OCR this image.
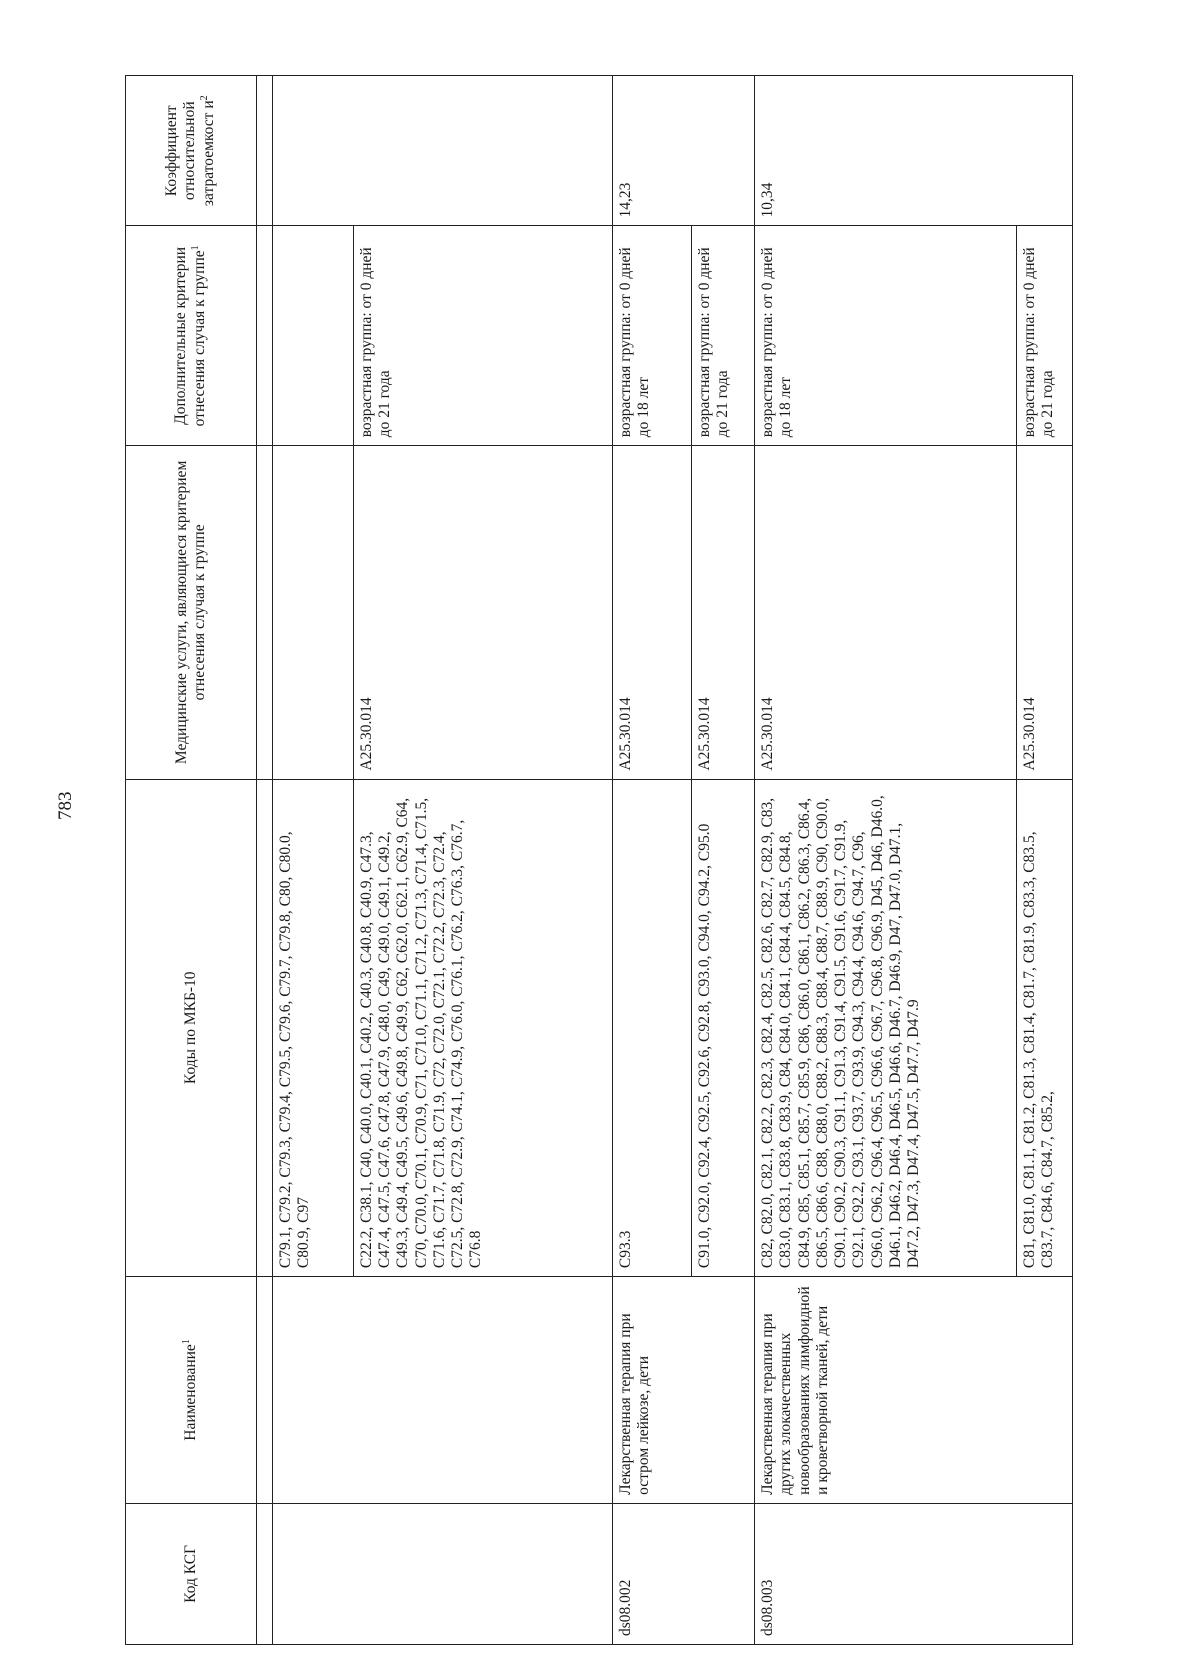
783
Код КСГ	Наименование$^1$	Коды по МКБ-10	Медицинские услуги, являющиеся критерием отнесения случая к группе	Дополнительные критерии отнесения случая к группе$^1$	Коэффициент относительной затратоемкост $и^2$

		C79.1, C79.2, C79.3, C79.4, C79.5, C79.6, C79.7, C79.8, C80, C80.0, C80.9, C97			
		C22.2, C38.1, C40, C40.0, C40.1, C40.2, C40.3, C40.8, C40.9, C47.3, C47.4, C47.5, C47.6, C47.8, C47.9, C48.0, C49, C49.0, C49.1, C49.2, C49.3, C49.4, C49.5, C49.6, C49.8, C49.9, C62, C62.0, C62.1, C62.9, C64, C70, C70.0, C70.1, C70.9, C71, C71.0, C71.1, C71.2, C71.3, C71.4, C71.5, C71.6, C71.7, C71.8, C71.9, C72, C72.0, C72.1, C72.2, C72.3, C72.4, C72.5, C72.8, C72.9, C74.1, C74.9, C76.0, C76.1, C76.2, C76.3, C76.7, C76.8	A25.30.014	возрастная группа: от 0 дней до 21 года	
ds08.002	Лекарственная терапия при остром лейкозе, дети	C93.3	A25.30.014	возрастная группа: от 0 дней до 18 лет	14,23
		C91.0, C92.0, C92.4, C92.5, C92.6, C92.8, C93.0, C94.0, C94.2, C95.0	A25.30.014	возрастная группа: от 0 дней до 21 года	
ds08.003	Лекарственная терапия при других злокачественных новообразованиях лимфоидной и кроветворной тканей, дети	C82, C82.0, C82.1, C82.2, C82.3, C82.4, C82.5, C82.6, C82.7, C82.9, C83, C83.0, C83.1, C83.8, C83.9, C84, C84.0, C84.1, C84.4, C84.5, C84.8, C84.9, C85, C85.1, C85.7, C85.9, C86, C86.0, C86.1, C86.2, C86.3, C86.4, C86.5, C86.6, C88, C88.0, C88.2, C88.3, C88.4, C88.7, C88.9, C90, C90.0, C90.1, C90.2, C90.3, C91.1, C91.3, C91.4, C91.5, C91.6, C91.7, C91.9, C92.1, C92.2, C93.1, C93.7, C93.9, C94.3, C94.4, C94.6, C94.7, C96, C96.0, C96.2, C96.4, C96.5, C96.6, C96.7, C96.8, C96.9, D45, D46, D46.0, D46.1, D46.2, D46.4, D46.5, D46.6, D46.7, D46.9, D47, D47.0, D47.1, D47.2, D47.3, D47.4, D47.5, D47.7, D47.9	A25.30.014	возрастная группа: от 0 дней до 18 лет	10,34
		C81, C81.0, C81.1, C81.2, C81.3, C81.4, C81.7, C81.9, C83.3, C83.5, C83.7, C84.6, C84.7, C85.2,	A25.30.014	возрастная группа: от 0 дней до 21 года	
